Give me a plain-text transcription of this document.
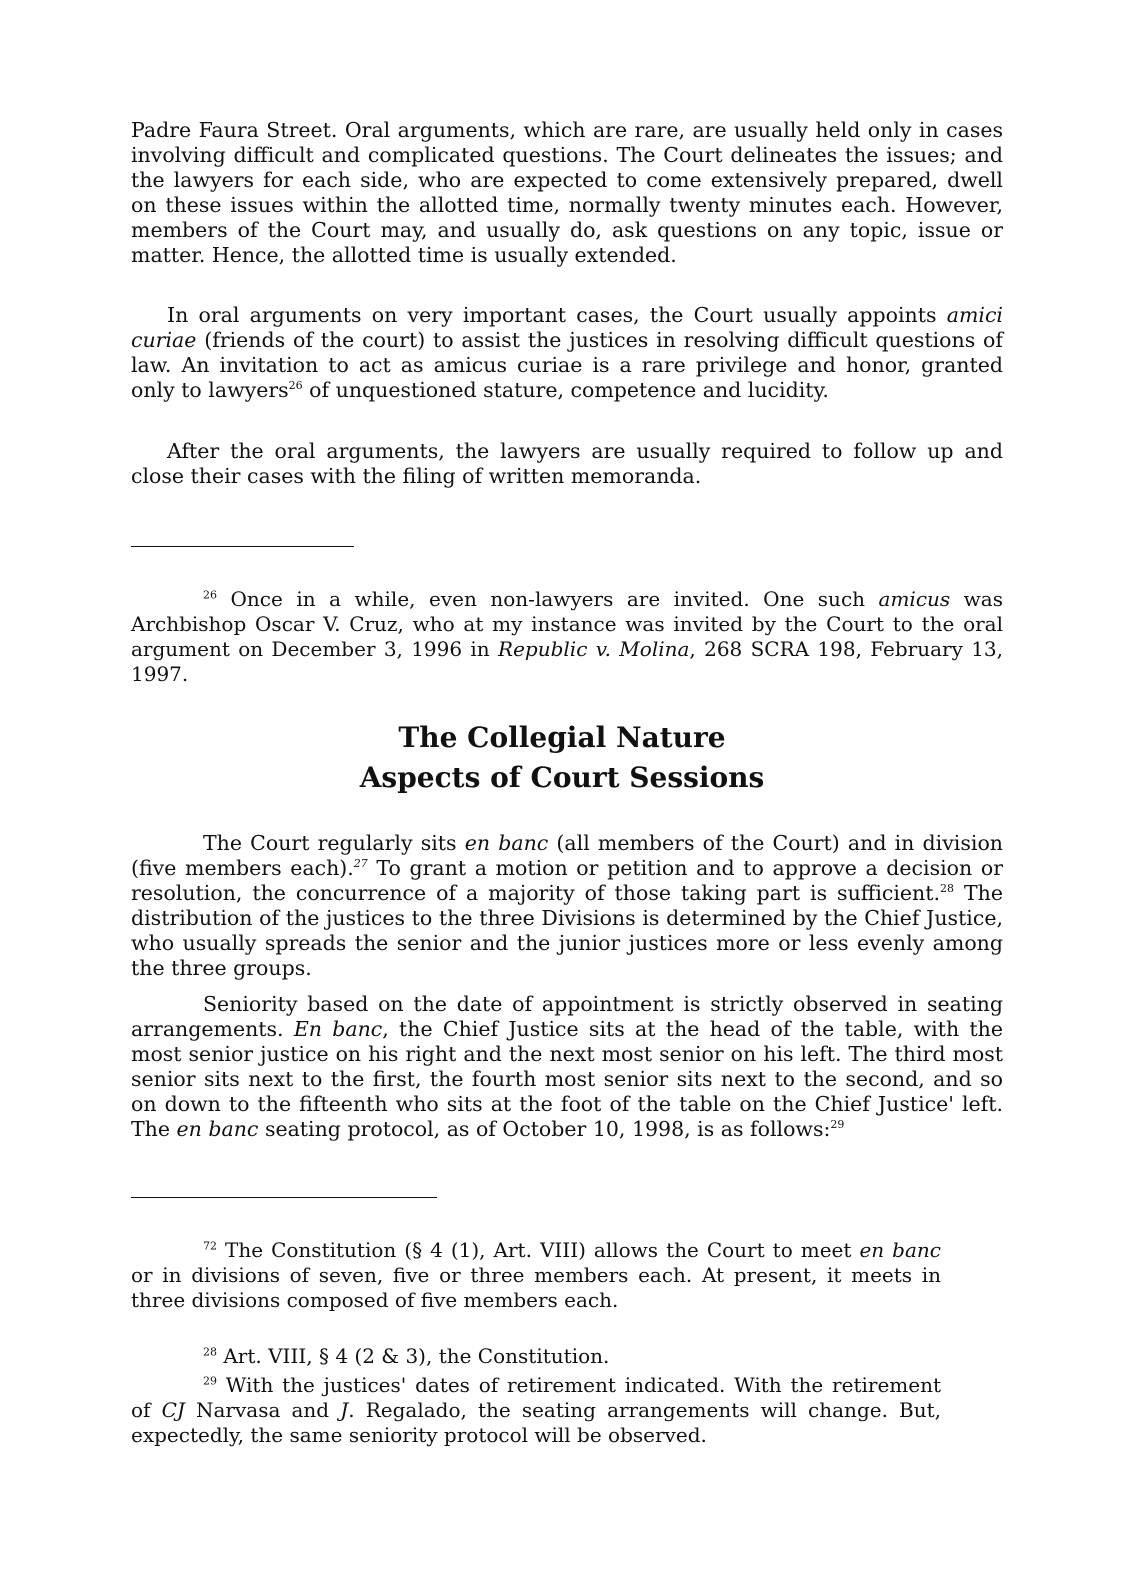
Padre Faura Street. Oral arguments, which are rare, are usually held only in cases involving difficult and complicated questions. The Court delineates the issues; and the lawyers for each side, who are expected to come extensively prepared, dwell on these issues within the allotted time, normally twenty minutes each. However, members of the Court may, and usually do, ask questions on any topic, issue or matter. Hence, the allotted time is usually extended.

In oral arguments on very important cases, the Court usually appoints amici curiae (friends of the court) to assist the justices in resolving difficult questions of law. An invitation to act as amicus curiae is a rare privilege and honor, granted only to lawyers$^{26}$ of unquestioned stature, competence and lucidity.

After the oral arguments, the lawyers are usually required to follow up and close their cases with the filing of written memoranda.

$^{26}$ Once in a while, even non-lawyers are invited. One such amicus was Archbishop Oscar V. Cruz, who at my instance was invited by the Court to the oral argument on December 3, 1996 in Republic v. Molina, 268 SCRA 198, February 13, 1997.

The Collegial Nature
Aspects of Court Sessions

The Court regularly sits en banc (all members of the Court) and in division (five members each).$^{27}$ To grant a motion or petition and to approve a decision or resolution, the concurrence of a majority of those taking part is sufficient.$^{28}$ The distribution of the justices to the three Divisions is determined by the Chief Justice, who usually spreads the senior and the junior justices more or less evenly among the three groups.

Seniority based on the date of appointment is strictly observed in seating arrangements. En banc, the Chief Justice sits at the head of the table, with the most senior justice on his right and the next most senior on his left. The third most senior sits next to the first, the fourth most senior sits next to the second, and so on down to the fifteenth who sits at the foot of the table on the Chief Justice' left. The en banc seating protocol, as of October 10, 1998, is as follows:$^{29}$

$^{72}$ The Constitution (§ 4 (1), Art. VIII) allows the Court to meet en banc or in divisions of seven, five or three members each. At present, it meets in three divisions composed of five members each.

$^{28}$ Art. VIII, § 4 (2 & 3), the Constitution.

$^{29}$ With the justices' dates of retirement indicated. With the retirement of CJ Narvasa and J. Regalado, the seating arrangements will change. But, expectedly, the same seniority protocol will be observed.
